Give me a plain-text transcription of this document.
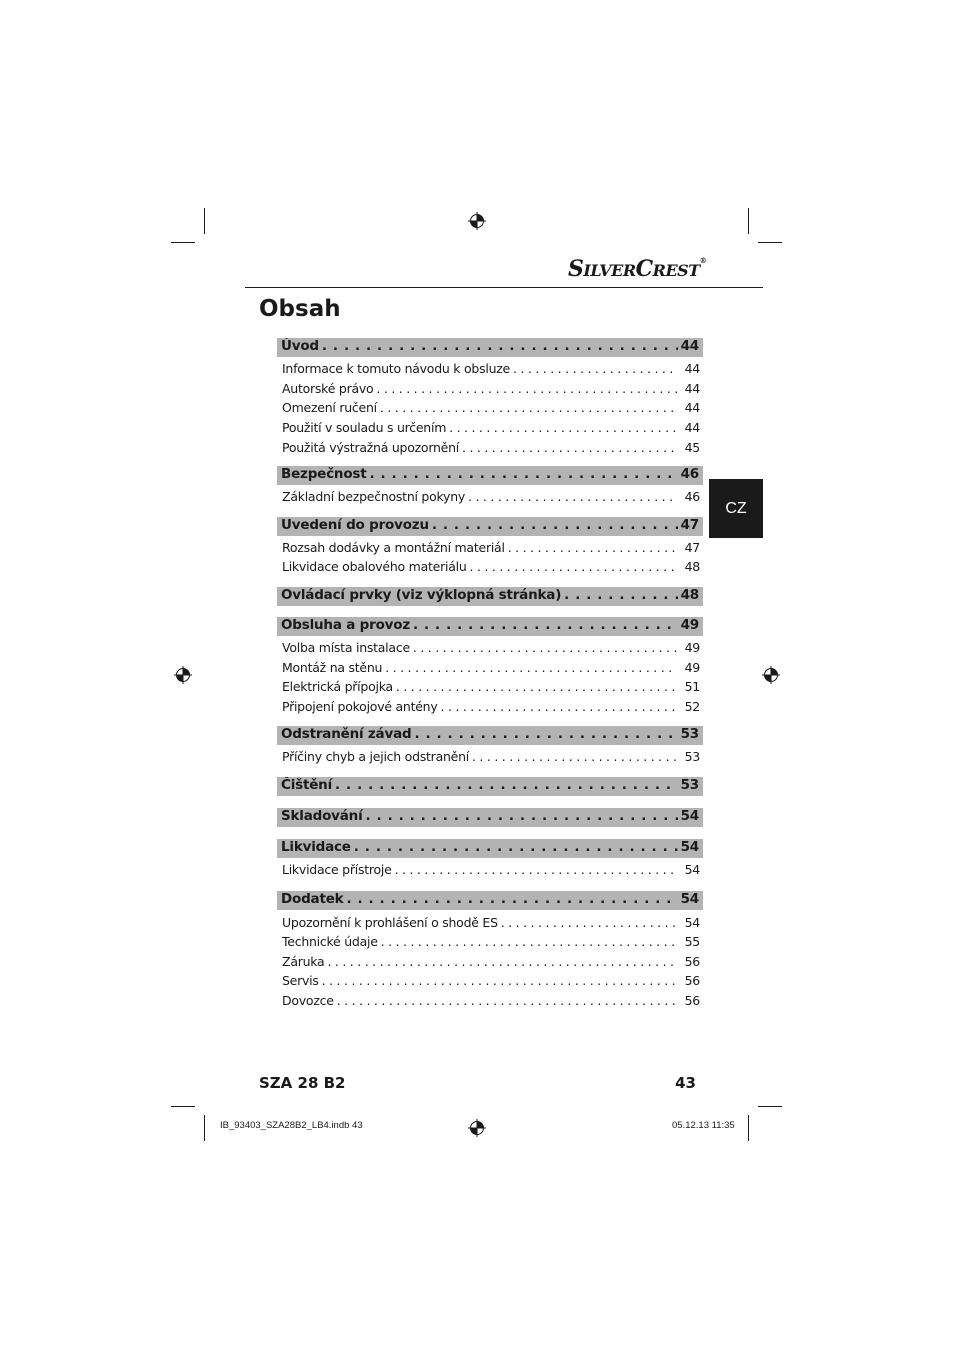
SILVERCREST®
Obsah
CZ
Úvod . . .	44
Informace k tomuto návodu k obsluze . . .	44
Autorské právo . . .	44
Omezení ručení . . .	44
Použití v souladu s určením . . .	44
Použitá výstražná upozornění . . .	45
Bezpečnost . . .	46
Základní bezpečnostní pokyny . . .	46
Uvedení do provozu . . .	47
Rozsah dodávky a montážní materiál . . .	47
Likvidace obalového materiálu . . .	48
Ovládací prvky (viz výklopná stránka) . . .	48
Obsluha a provoz . . .	49
Volba místa instalace . . .	49
Montáž na stěnu . . .	49
Elektrická přípojka . . .	51
Připojení pokojové antény . . .	52
Odstranění závad . . .	53
Příčiny chyb a jejich odstranění . . .	53
Čištění . . .	53
Skladování . . .	54
Likvidace . . .	54
Likvidace přístroje . . .	54
Dodatek . . .	54
Upozornění k prohlášení o shodě ES . . .	54
Technické údaje . . .	55
Záruka . . .	56
Servis . . .	56
Dovozce . . .	56
SZA 28 B2	43
IB_93403_SZA28B2_LB4.indb 43	05.12.13 11:35
